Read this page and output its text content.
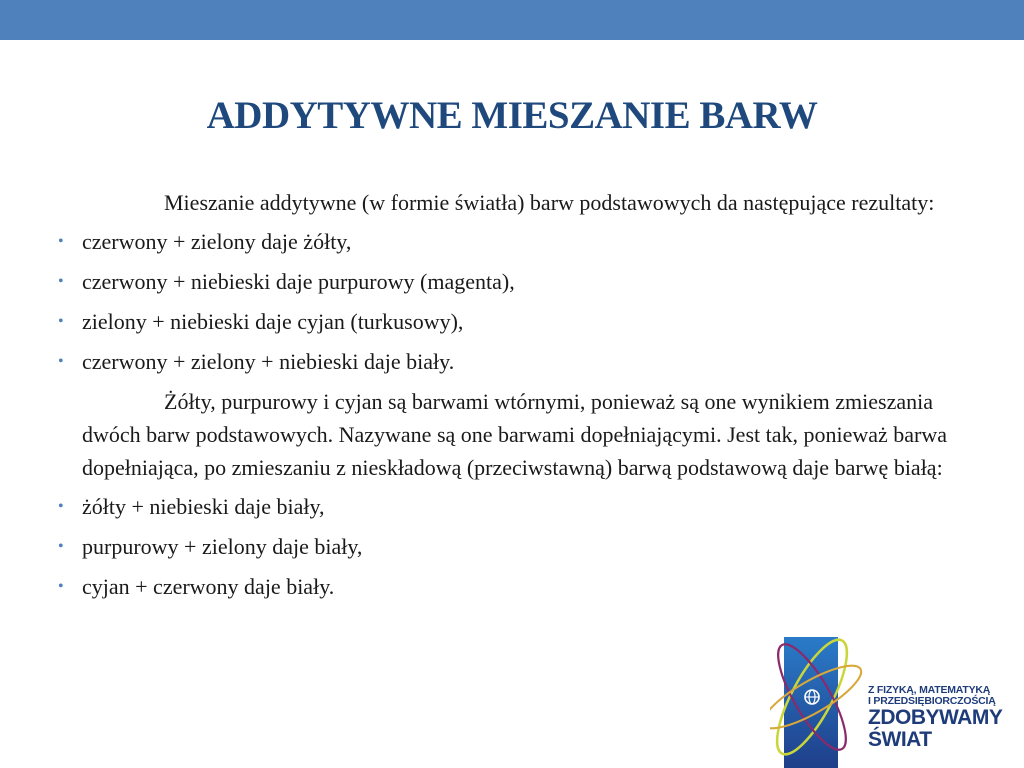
ADDYTYWNE MIESZANIE BARW

Mieszanie addytywne (w formie światła) barw podstawowych da następujące rezultaty:

• czerwony + zielony daje żółty,
• czerwony + niebieski daje purpurowy (magenta),
• zielony + niebieski daje cyjan (turkusowy),
• czerwony + zielony + niebieski daje biały.

Żółty, purpurowy i cyjan są barwami wtórnymi, ponieważ są one wynikiem zmieszania dwóch barw podstawowych. Nazywane są one barwami dopełniającymi. Jest tak, ponieważ barwa dopełniająca, po zmieszaniu z nieskładową (przeciwstawną) barwą podstawową daje barwę białą:

• żółty + niebieski daje biały,
• purpurowy + zielony daje biały,
• cyjan + czerwony daje biały.
Z FIZYKĄ, MATEMATYKĄ
I PRZEDSIĘBIORCZOŚCIĄ
ZDOBYWAMY
ŚWIAT
